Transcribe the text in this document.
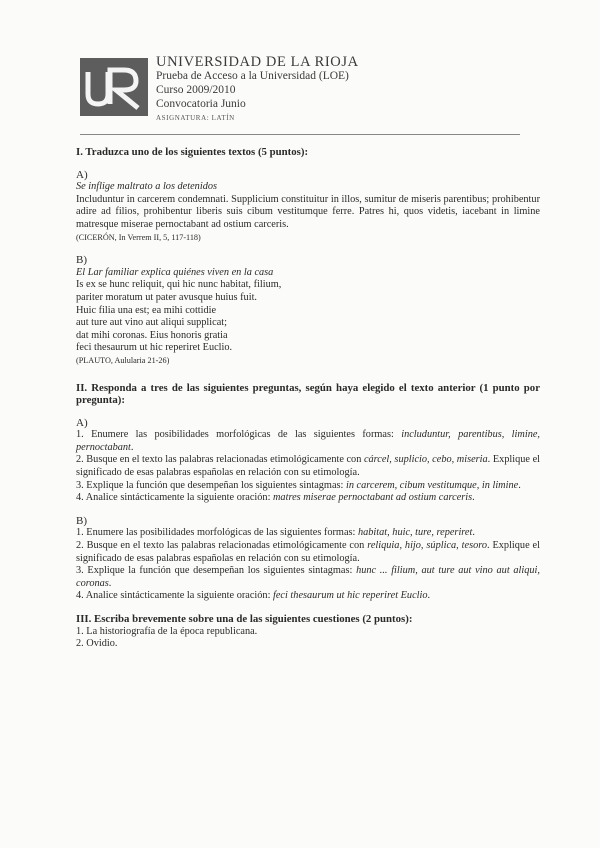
UNIVERSIDAD DE LA RIOJA
Prueba de Acceso a la Universidad (LOE)
Curso 2009/2010
Convocatoria Junio
ASIGNATURA: LATÍN

I. Traduzca uno de los siguientes textos (5 puntos):

A)

Se inflige maltrato a los detenidos

Includuntur in carcerem condemnati. Supplicium constituitur in illos, sumitur de miseris parentibus; prohibentur adire ad filios, prohibentur liberis suis cibum vestitumque ferre. Patres hi, quos videtis, iacebant in limine matresque miserae pernoctabant ad ostium carceris.

(CICERÓN, In Verrem II, 5, 117-118)

B)

El Lar familiar explica quiénes viven en la casa

Is ex se hunc reliquit, qui hic nunc habitat, filium,

pariter moratum ut pater avusque huius fuit.

Huic filia una est; ea mihi cottidie

aut ture aut vino aut aliqui supplicat;

dat mihi coronas. Eius honoris gratia

feci thesaurum ut hic reperiret Euclio.

(PLAUTO, Aulularia 21-26)

II. Responda a tres de las siguientes preguntas, según haya elegido el texto anterior (1 punto por pregunta):

A)

1. Enumere las posibilidades morfológicas de las siguientes formas: includuntur, parentibus, limine, pernoctabant.

2. Busque en el texto las palabras relacionadas etimológicamente con cárcel, suplicio, cebo, miseria. Explique el significado de esas palabras españolas en relación con su etimología.

3. Explique la función que desempeñan los siguientes sintagmas: in carcerem, cibum vestitumque, in limine.

4. Analice sintácticamente la siguiente oración: matres miserae pernoctabant ad ostium carceris.

B)

1. Enumere las posibilidades morfológicas de las siguientes formas: habitat, huic, ture, reperiret.

2. Busque en el texto las palabras relacionadas etimológicamente con reliquia, hijo, súplica, tesoro. Explique el significado de esas palabras españolas en relación con su etimología.

3. Explique la función que desempeñan los siguientes sintagmas: hunc ... filium, aut ture aut vino aut aliqui, coronas.

4. Analice sintácticamente la siguiente oración: feci thesaurum ut hic reperiret Euclio.

III. Escriba brevemente sobre una de las siguientes cuestiones (2 puntos):

1. La historiografía de la época republicana.

2. Ovidio.
